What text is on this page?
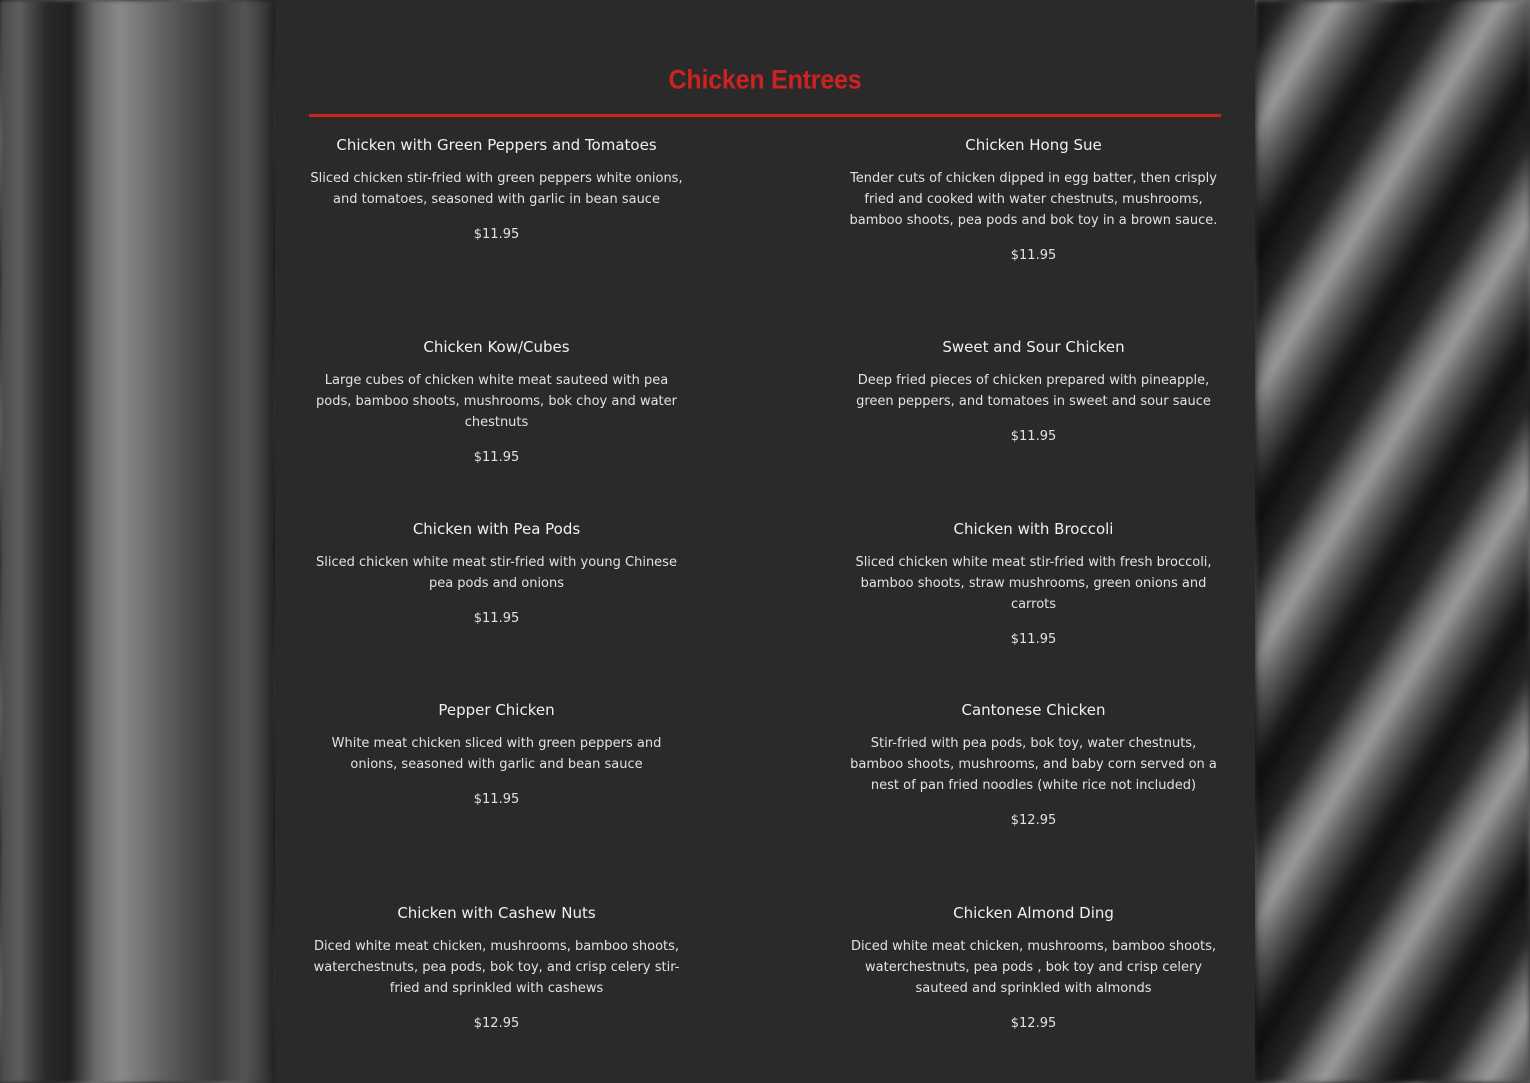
Chicken Entrees

Chicken with Green Peppers and Tomatoes

Sliced chicken stir-fried with green peppers white onions, and tomatoes, seasoned with garlic in bean sauce

$11.95

Chicken Hong Sue

Tender cuts of chicken dipped in egg batter, then crisply fried and cooked with water chestnuts, mushrooms, bamboo shoots, pea pods and bok toy in a brown sauce.

$11.95

Chicken Kow/Cubes

Large cubes of chicken white meat sauteed with pea pods, bamboo shoots, mushrooms, bok choy and water chestnuts

$11.95

Sweet and Sour Chicken

Deep fried pieces of chicken prepared with pineapple, green peppers, and tomatoes in sweet and sour sauce

$11.95

Chicken with Pea Pods

Sliced chicken white meat stir-fried with young Chinese pea pods and onions

$11.95

Chicken with Broccoli

Sliced chicken white meat stir-fried with fresh broccoli, bamboo shoots, straw mushrooms, green onions and carrots

$11.95

Pepper Chicken

White meat chicken sliced with green peppers and onions, seasoned with garlic and bean sauce

$11.95

Cantonese Chicken

Stir-fried with pea pods, bok toy, water chestnuts, bamboo shoots, mushrooms, and baby corn served on a nest of pan fried noodles (white rice not included)

$12.95

Chicken with Cashew Nuts

Diced white meat chicken, mushrooms, bamboo shoots, waterchestnuts, pea pods, bok toy, and crisp celery stir-fried and sprinkled with cashews

$12.95

Chicken Almond Ding

Diced white meat chicken, mushrooms, bamboo shoots, waterchestnuts, pea pods , bok toy and crisp celery sauteed and sprinkled with almonds

$12.95
